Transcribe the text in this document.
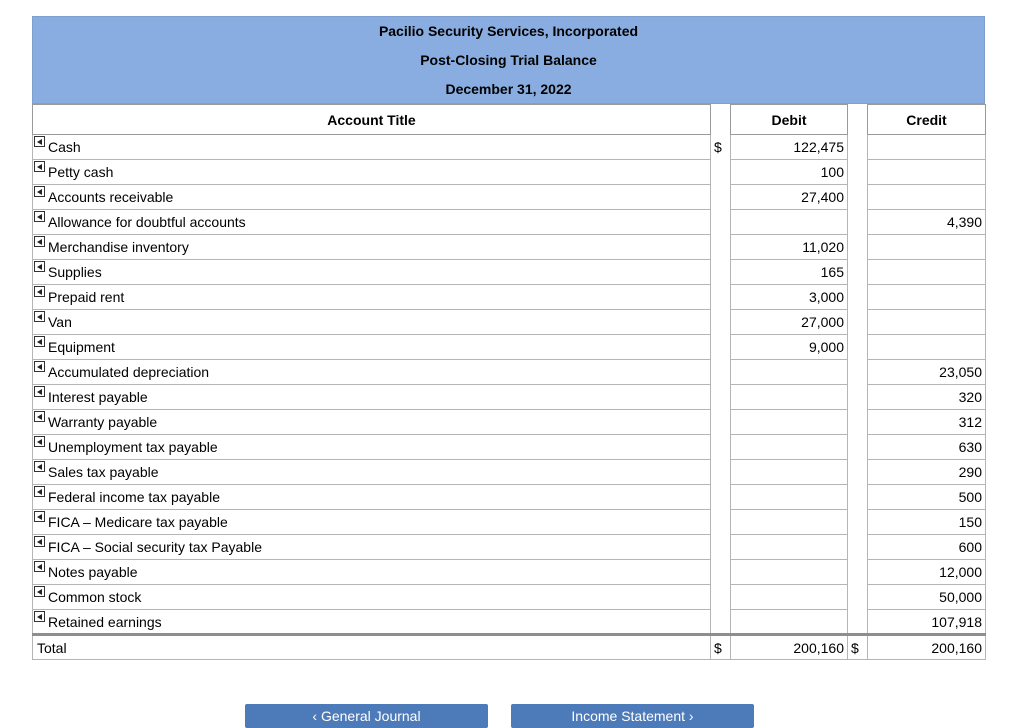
Pacilio Security Services, Incorporated
Post-Closing Trial Balance
December 31, 2022
Account Title		Debit		Credit

Cash	$	122,475		

Petty cash		100		

Accounts receivable		27,400		

Allowance for doubtful accounts				4,390

Merchandise inventory		11,020		

Supplies		165		

Prepaid rent		3,000		

Van		27,000		

Equipment		9,000		

Accumulated depreciation				23,050

Interest payable				320

Warranty payable				312

Unemployment tax payable				630

Sales tax payable				290

Federal income tax payable				500

FICA – Medicare tax payable				150

FICA – Social security tax Payable				600

Notes payable				12,000

Common stock				50,000

Retained earnings				107,918
Total	$	200,160	$	200,160
‹ General Journal	Income Statement ›
